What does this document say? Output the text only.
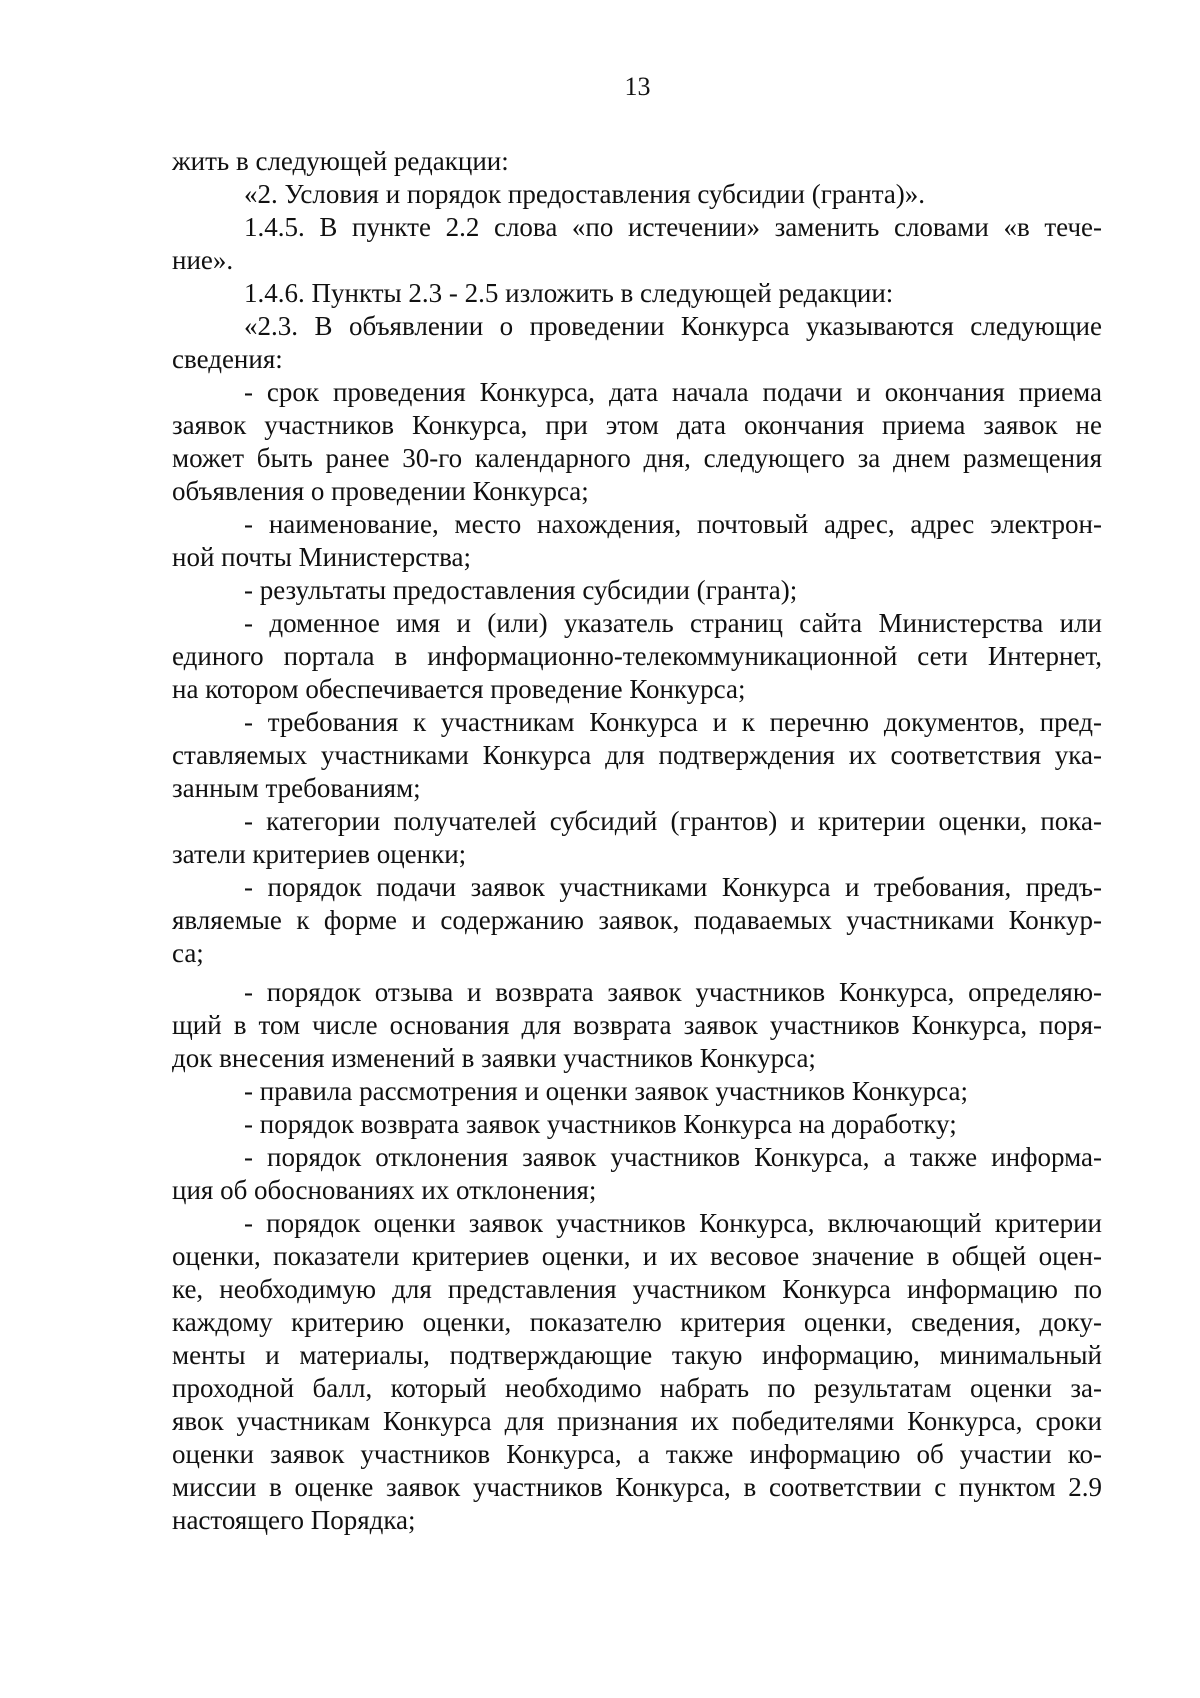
13
жить в следующей редакции:
«2. Условия и порядок предоставления субсидии (гранта)».
1.4.5. В пункте 2.2 слова «по истечении» заменить словами «в тече-
ние».
1.4.6. Пункты 2.3 - 2.5 изложить в следующей редакции:
«2.3. В объявлении о проведении Конкурса указываются следующие
сведения:
- срок проведения Конкурса, дата начала подачи и окончания приема
заявок участников Конкурса, при этом дата окончания приема заявок не
может быть ранее 30-го календарного дня, следующего за днем размещения
объявления о проведении Конкурса;
- наименование, место нахождения, почтовый адрес, адрес электрон-
ной почты Министерства;
- результаты предоставления субсидии (гранта);
- доменное имя и (или) указатель страниц сайта Министерства или
единого портала в информационно-телекоммуникационной сети Интернет,
на котором обеспечивается проведение Конкурса;
- требования к участникам Конкурса и к перечню документов, пред-
ставляемых участниками Конкурса для подтверждения их соответствия ука-
занным требованиям;
- категории получателей субсидий (грантов) и критерии оценки, пока-
затели критериев оценки;
- порядок подачи заявок участниками Конкурса и требования, предъ-
являемые к форме и содержанию заявок, подаваемых участниками Конкур-
са;
- порядок отзыва и возврата заявок участников Конкурса, определяю-
щий в том числе основания для возврата заявок участников Конкурса, поря-
док внесения изменений в заявки участников Конкурса;
- правила рассмотрения и оценки заявок участников Конкурса;
- порядок возврата заявок участников Конкурса на доработку;
- порядок отклонения заявок участников Конкурса, а также информа-
ция об обоснованиях их отклонения;
- порядок оценки заявок участников Конкурса, включающий критерии
оценки, показатели критериев оценки, и их весовое значение в общей оцен-
ке, необходимую для представления участником Конкурса информацию по
каждому критерию оценки, показателю критерия оценки, сведения, доку-
менты и материалы, подтверждающие такую информацию, минимальный
проходной балл, который необходимо набрать по результатам оценки за-
явок участникам Конкурса для признания их победителями Конкурса, сроки
оценки заявок участников Конкурса, а также информацию об участии ко-
миссии в оценке заявок участников Конкурса, в соответствии с пунктом 2.9
настоящего Порядка;
